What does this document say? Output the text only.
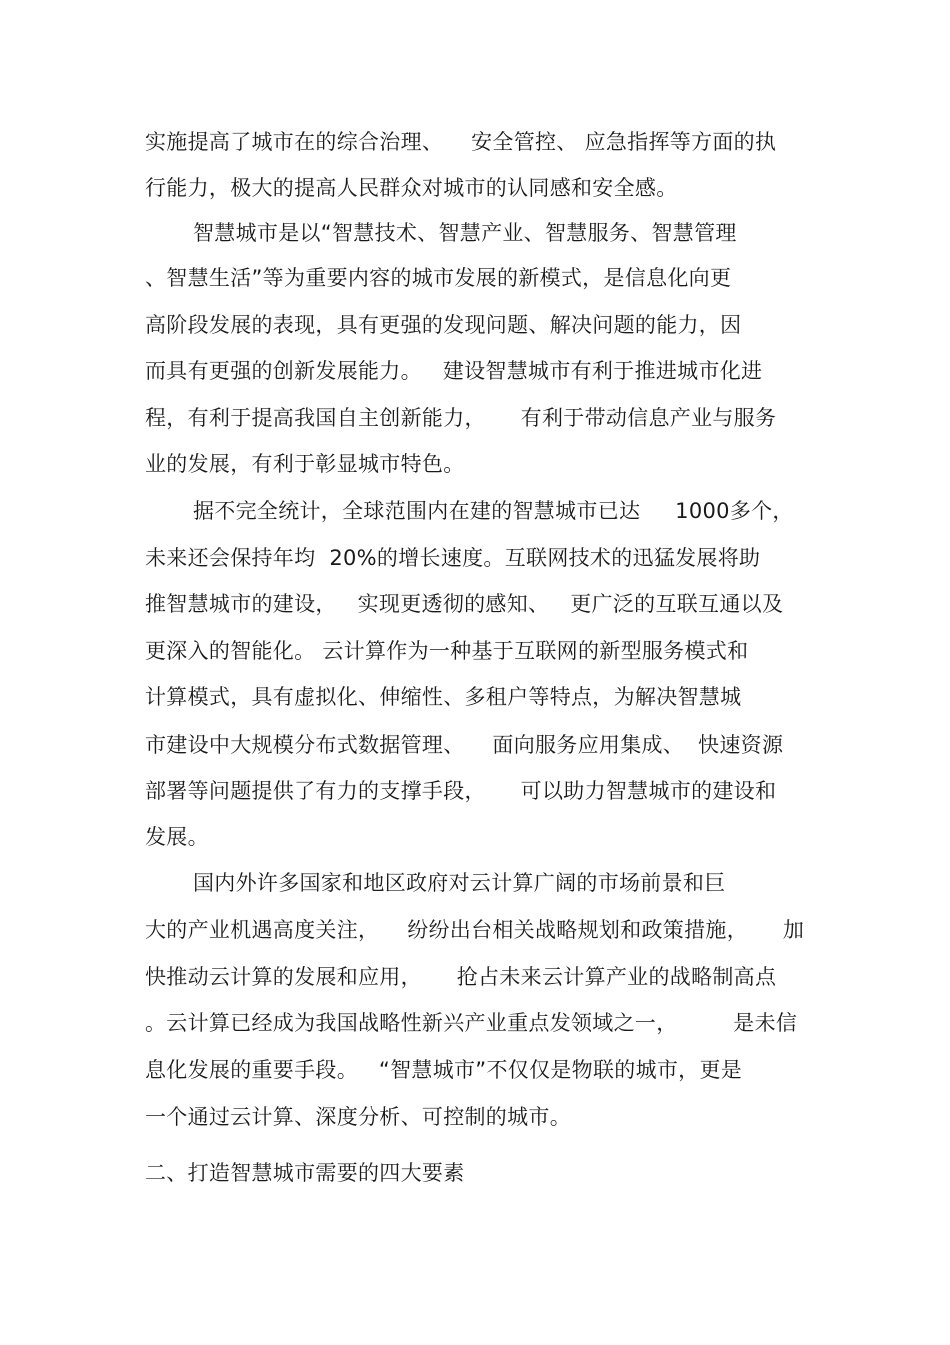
实施提高了城市在的综合治理、    安全管控、 应急指挥等方面的执
行能力，极大的提高人民群众对城市的认同感和安全感。
智慧城市是以“智慧技术、智慧产业、智慧服务、智慧管理
、智慧生活”等为重要内容的城市发展的新模式，是信息化向更
高阶段发展的表现，具有更强的发现问题、解决问题的能力，因
而具有更强的创新发展能力。   建设智慧城市有利于推进城市化进
程，有利于提高我国自主创新能力，     有利于带动信息产业与服务
业的发展，有利于彰显城市特色。
据不完全统计，全球范围内在建的智慧城市已达     1000多个，
未来还会保持年均  20%的增长速度。互联网技术的迅猛发展将助
推智慧城市的建设，   实现更透彻的感知、   更广泛的互联互通以及
更深入的智能化。 云计算作为一种基于互联网的新型服务模式和
计算模式，具有虚拟化、伸缩性、多租户等特点，为解决智慧城
市建设中大规模分布式数据管理、    面向服务应用集成、  快速资源
部署等问题提供了有力的支撑手段，     可以助力智慧城市的建设和
发展。
国内外许多国家和地区政府对云计算广阔的市场前景和巨
大的产业机遇高度关注，    纷纷出台相关战略规划和政策措施，     加
快推动云计算的发展和应用，     抢占未来云计算产业的战略制高点
。云计算已经成为我国战略性新兴产业重点发领域之一，        是未信
息化发展的重要手段。   “智慧城市”不仅仅是物联的城市，更是
一个通过云计算、深度分析、可控制的城市。
二、打造智慧城市需要的四大要素
